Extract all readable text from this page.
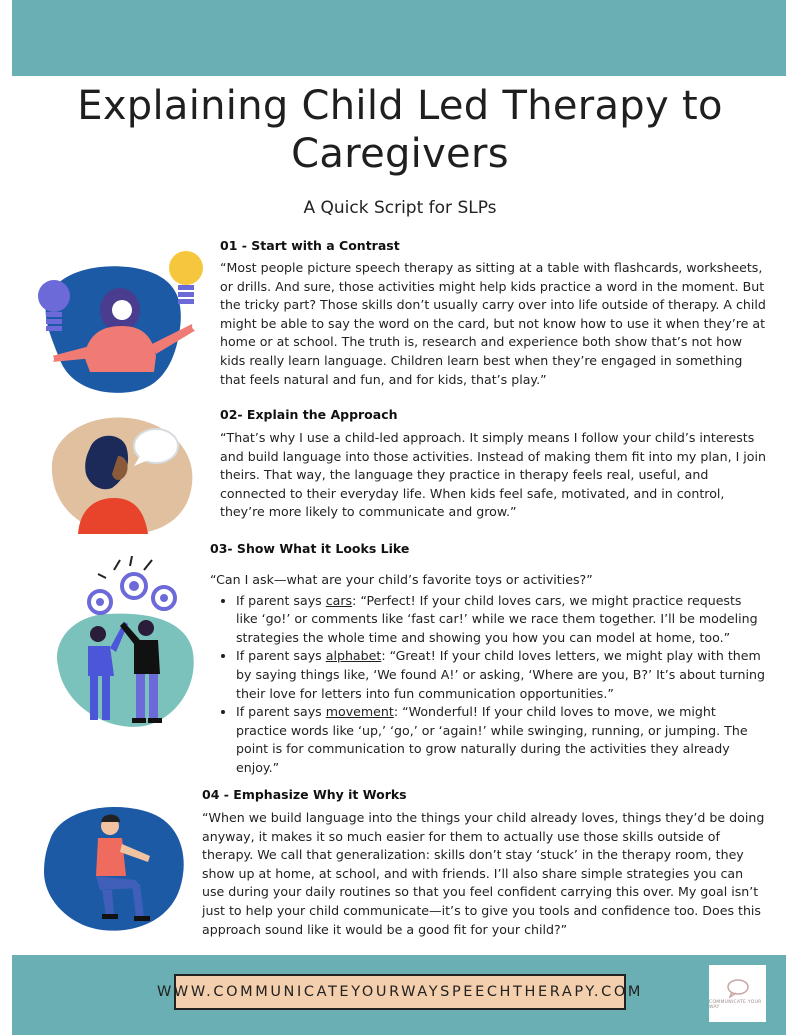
Explaining Child Led Therapy to
Caregivers
A Quick Script for SLPs
01 - Start with a Contrast

“Most people picture speech therapy as sitting at a table with flashcards, worksheets, or drills. And sure, those activities might help kids practice a word in the moment. But the tricky part? Those skills don’t usually carry over into life outside of therapy. A child might be able to say the word on the card, but not know how to use it when they’re at home or at school. The truth is, research and experience both show that’s not how kids really learn language. Children learn best when they’re engaged in something that feels natural and fun, and for kids, that’s play.”

02- Explain the Approach

“That’s why I use a child-led approach. It simply means I follow your child’s interests and build language into those activities. Instead of making them fit into my plan, I join theirs. That way, the language they practice in therapy feels real, useful, and connected to their everyday life. When kids feel safe, motivated, and in control, they’re more likely to communicate and grow.”

03- Show What it Looks Like

“Can I ask—what are your child’s favorite toys or activities?”

• If parent says cars: “Perfect! If your child loves cars, we might practice requests like ‘go!’ or comments like ‘fast car!’ while we race them together. I’ll be modeling strategies the whole time and showing you how you can model at home, too.”
• If parent says alphabet: “Great! If your child loves letters, we might play with them by saying things like, ‘We found A!’ or asking, ‘Where are you, B?’ It’s about turning their love for letters into fun communication opportunities.”
• If parent says movement: “Wonderful! If your child loves to move, we might practice words like ‘up,’ ‘go,’ or ‘again!’ while swinging, running, or jumping. The point is for communication to grow naturally during the activities they already enjoy.”
04 - Emphasize Why it Works

“When we build language into the things your child already loves, things they’d be doing anyway, it makes it so much easier for them to actually use those skills outside of therapy. We call that generalization: skills don’t stay ‘stuck’ in the therapy room, they show up at home, at school, and with friends. I’ll also share simple strategies you can use during your daily routines so that you feel confident carrying this over. My goal isn’t just to help your child communicate—it’s to give you tools and confidence too. Does this approach sound like it would be a good fit for your child?”

WWW.COMMUNICATEYOURWAYSPEECHTHERAPY.COM
COMMUNICATE YOUR WAY
